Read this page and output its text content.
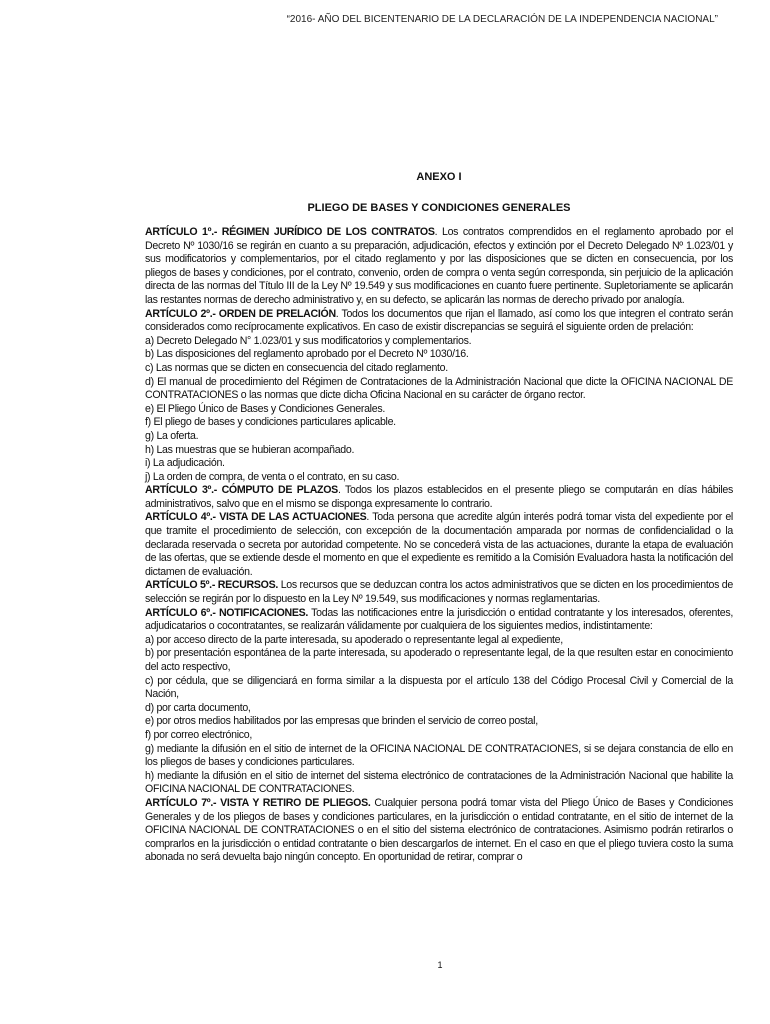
“2016- AÑO DEL BICENTENARIO DE LA DECLARACIÓN DE LA INDEPENDENCIA NACIONAL”

ANEXO I

PLIEGO DE BASES Y CONDICIONES GENERALES

ARTÍCULO 1º.- RÉGIMEN JURÍDICO DE LOS CONTRATOS. Los contratos comprendidos en el reglamento aprobado por el Decreto Nº 1030/16 se regirán en cuanto a su preparación, adjudicación, efectos y extinción por el Decreto Delegado Nº 1.023/01 y sus modificatorios y complementarios, por el citado reglamento y por las disposiciones que se dicten en consecuencia, por los pliegos de bases y condiciones, por el contrato, convenio, orden de compra o venta según corresponda, sin perjuicio de la aplicación directa de las normas del Título III de la Ley Nº 19.549 y sus modificaciones en cuanto fuere pertinente. Supletoriamente se aplicarán las restantes normas de derecho administrativo y, en su defecto, se aplicarán las normas de derecho privado por analogía.

ARTÍCULO 2º.- ORDEN DE PRELACIÓN. Todos los documentos que rijan el llamado, así como los que integren el contrato serán considerados como recíprocamente explicativos. En caso de existir discrepancias se seguirá el siguiente orden de prelación:

a) Decreto Delegado N° 1.023/01 y sus modificatorios y complementarios.

b) Las disposiciones del reglamento aprobado por el Decreto Nº 1030/16.

c) Las normas que se dicten en consecuencia del citado reglamento.

d) El manual de procedimiento del Régimen de Contrataciones de la Administración Nacional que dicte la OFICINA NACIONAL DE CONTRATACIONES o las normas que dicte dicha Oficina Nacional en su carácter de órgano rector.

e) El Pliego Único de Bases y Condiciones Generales.

f) El pliego de bases y condiciones particulares aplicable.

g) La oferta.

h) Las muestras que se hubieran acompañado.

i) La adjudicación.

j) La orden de compra, de venta o el contrato, en su caso.

ARTÍCULO 3º.- CÓMPUTO DE PLAZOS. Todos los plazos establecidos en el presente pliego se computarán en días hábiles administrativos, salvo que en el mismo se disponga expresamente lo contrario.

ARTÍCULO 4º.- VISTA DE LAS ACTUACIONES. Toda persona que acredite algún interés podrá tomar vista del expediente por el que tramite el procedimiento de selección, con excepción de la documentación amparada por normas de confidencialidad o la declarada reservada o secreta por autoridad competente. No se concederá vista de las actuaciones, durante la etapa de evaluación de las ofertas, que se extiende desde el momento en que el expediente es remitido a la Comisión Evaluadora hasta la notificación del dictamen de evaluación.

ARTÍCULO 5º.- RECURSOS. Los recursos que se deduzcan contra los actos administrativos que se dicten en los procedimientos de selección se regirán por lo dispuesto en la Ley Nº 19.549, sus modificaciones y normas reglamentarias.

ARTÍCULO 6º.- NOTIFICACIONES. Todas las notificaciones entre la jurisdicción o entidad contratante y los interesados, oferentes, adjudicatarios o cocontratantes, se realizarán válidamente por cualquiera de los siguientes medios, indistintamente:

a) por acceso directo de la parte interesada, su apoderado o representante legal al expediente,

b) por presentación espontánea de la parte interesada, su apoderado o representante legal, de la que resulten estar en conocimiento del acto respectivo,

c) por cédula, que se diligenciará en forma similar a la dispuesta por el artículo 138 del Código Procesal Civil y Comercial de la Nación,

d) por carta documento,

e) por otros medios habilitados por las empresas que brinden el servicio de correo postal,

f) por correo electrónico,

g) mediante la difusión en el sitio de internet de la OFICINA NACIONAL DE CONTRATACIONES, si se dejara constancia de ello en los pliegos de bases y condiciones particulares.

h) mediante la difusión en el sitio de internet del sistema electrónico de contrataciones de la Administración Nacional que habilite la OFICINA NACIONAL DE CONTRATACIONES.

ARTÍCULO 7º.- VISTA Y RETIRO DE PLIEGOS. Cualquier persona podrá tomar vista del Pliego Único de Bases y Condiciones Generales y de los pliegos de bases y condiciones particulares, en la jurisdicción o entidad contratante, en el sitio de internet de la OFICINA NACIONAL DE CONTRATACIONES o en el sitio del sistema electrónico de contrataciones. Asimismo podrán retirarlos o comprarlos en la jurisdicción o entidad contratante o bien descargarlos de internet. En el caso en que el pliego tuviera costo la suma abonada no será devuelta bajo ningún concepto. En oportunidad de retirar, comprar o

1
